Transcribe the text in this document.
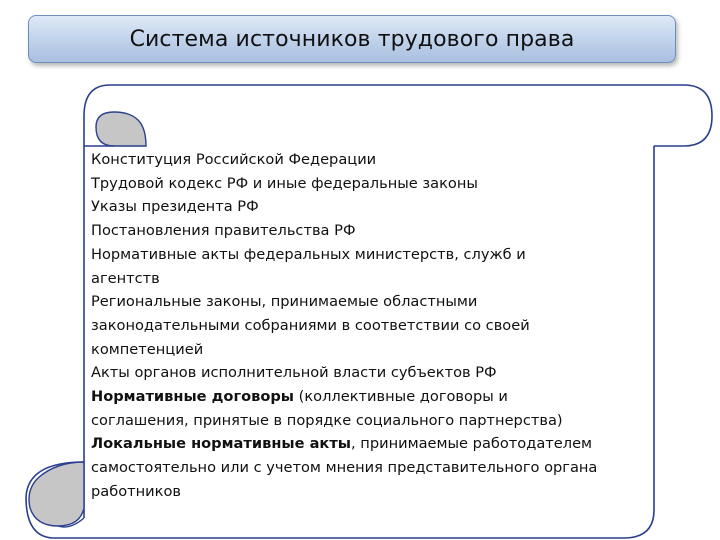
Система источников трудового права
Конституция Российской Федерации
Трудовой кодекс РФ и иные федеральные законы
Указы президента РФ
Постановления правительства РФ
Нормативные акты федеральных министерств, служб и
агентств
Региональные законы, принимаемые областными
законодательными собраниями в соответствии со своей
компетенцией
Акты органов исполнительной власти субъектов РФ
Нормативные договоры (коллективные договоры и
соглашения, принятые в порядке социального партнерства)
Локальные нормативные акты, принимаемые работодателем
самостоятельно или с учетом мнения представительного органа
работников
